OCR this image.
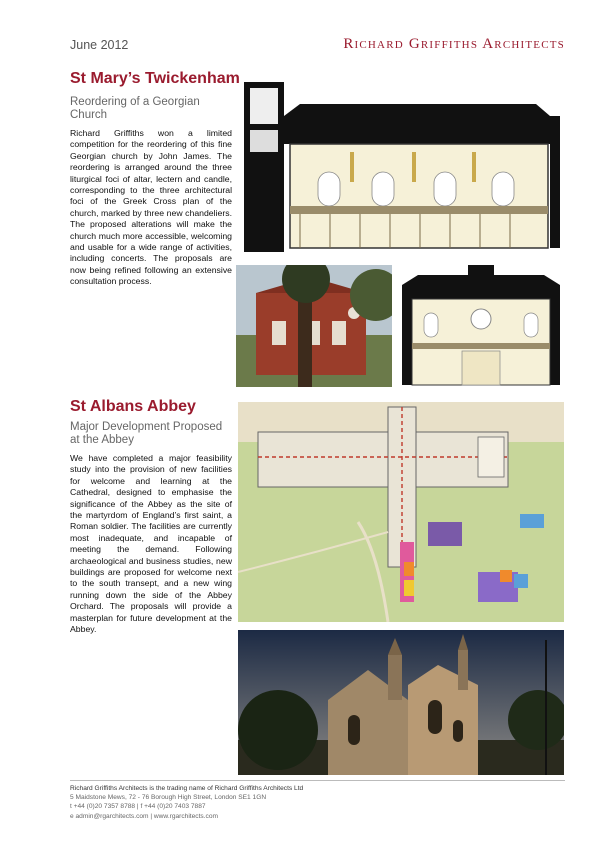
June 2012	Richard Griffiths Architects
St Mary’s Twickenham
Reordering of a Georgian Church
Richard Griffiths won a limited competition for the reordering of this fine Georgian church by John James. The reordering is arranged around the three liturgical foci of altar, lectern and candle, corresponding to the three architectural foci of the Greek Cross plan of the church, marked by three new chandeliers. The proposed alterations will make the church much more accessible, welcoming and usable for a wide range of activities, including concerts. The proposals are now being refined following an extensive consultation process.
St Albans Abbey
Major Development Proposed at the Abbey
We have completed a major feasibility study into the provision of new facilities for welcome and learning at the Cathedral, designed to emphasise the significance of the Abbey as the site of the martyrdom of England’s first saint, a Roman soldier. The facilities are currently most inadequate, and incapable of meeting the demand. Following archaeological and business studies, new buildings are proposed for welcome next to the south transept, and a new wing running down the side of the Abbey Orchard. The proposals will provide a masterplan for future development at the Abbey.
Richard Griffiths Architects is the trading name of Richard Griffiths Architects Ltd
5 Maidstone Mews, 72 - 76 Borough High Street, London SE1 1GN
t +44 (0)20 7357 8788 | f +44 (0)20 7403 7887
e admin@rgarchitects.com | www.rgarchitects.com
